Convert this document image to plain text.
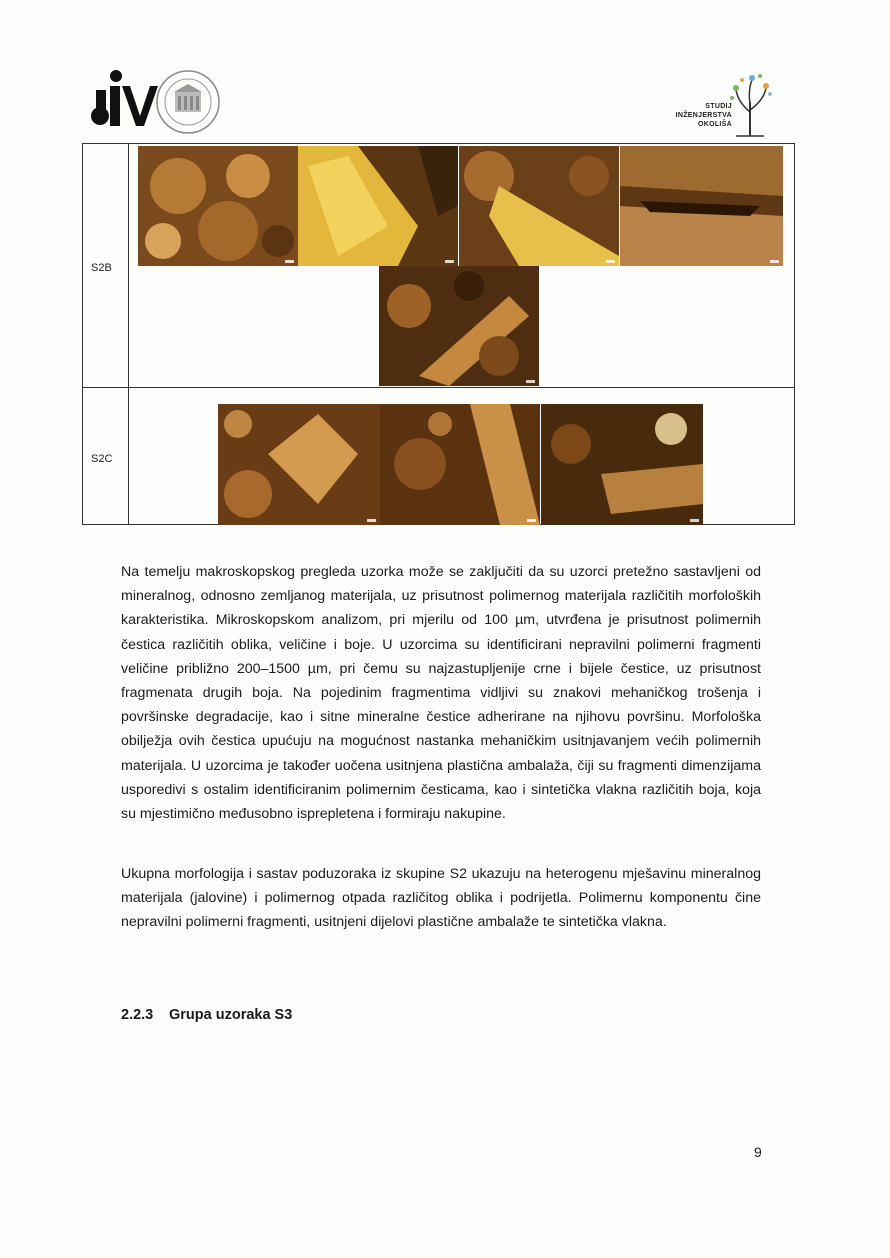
STUDIJ
INŽENJERSTVA
OKOLIŠA
S2B
S2C
Na temelju makroskopskog pregleda uzorka može se zaključiti da su uzorci pretežno sastavljeni od mineralnog, odnosno zemljanog materijala, uz prisutnost polimernog materijala različitih morfoloških karakteristika. Mikroskopskom analizom, pri mjerilu od 100 µm, utvrđena je prisutnost polimernih čestica različitih oblika, veličine i boje. U uzorcima su identificirani nepravilni polimerni fragmenti veličine približno 200–1500 µm, pri čemu su najzastupljenije crne i bijele čestice, uz prisutnost fragmenata drugih boja. Na pojedinim fragmentima vidljivi su znakovi mehaničkog trošenja i površinske degradacije, kao i sitne mineralne čestice adherirane na njihovu površinu. Morfološka obilježja ovih čestica upućuju na mogućnost nastanka mehaničkim usitnjavanjem većih polimernih materijala. U uzorcima je također uočena usitnjena plastična ambalaža, čiji su fragmenti dimenzijama usporedivi s ostalim identificiranim polimernim česticama, kao i sintetička vlakna različitih boja, koja su mjestimično međusobno isprepletena i formiraju nakupine.
Ukupna morfologija i sastav poduzoraka iz skupine S2 ukazuju na heterogenu mješavinu mineralnog materijala (jalovine) i polimernog otpada različitog oblika i podrijetla. Polimernu komponentu čine nepravilni polimerni fragmenti, usitnjeni dijelovi plastične ambalaže te sintetička vlakna.
2.2.3 Grupa uzoraka S3
9
